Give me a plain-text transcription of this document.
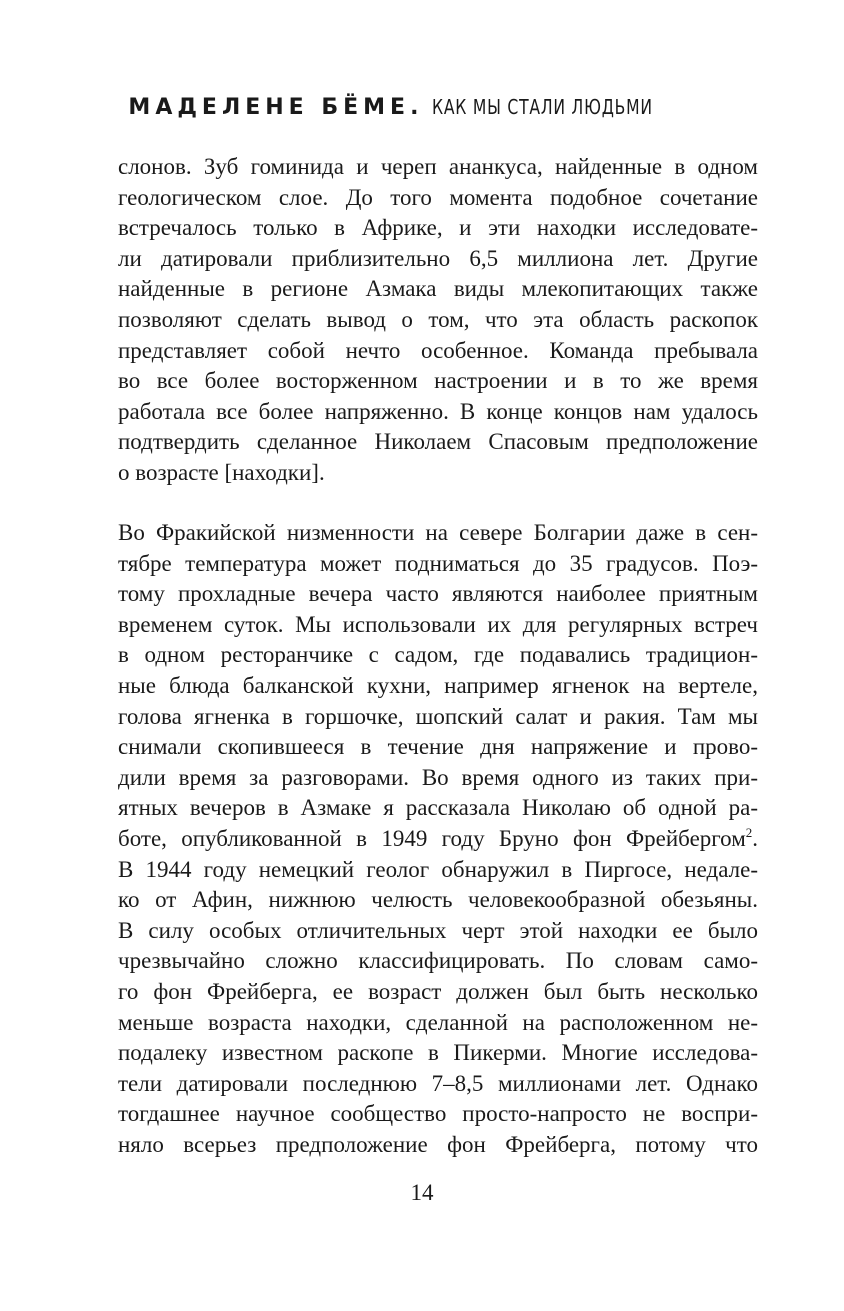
МАДЕЛЕНЕ БЁМЕ. КАК МЫ СТАЛИ ЛЮДЬМИ
слонов. Зуб гоминида и череп ананкуса, найденные в одном
геологическом слое. До того момента подобное сочетание
встречалось только в Африке, и эти находки исследовате-
ли датировали приблизительно 6,5 миллиона лет. Другие
найденные в регионе Азмака виды млекопитающих также
позволяют сделать вывод о том, что эта область раскопок
представляет собой нечто особенное. Команда пребывала
во все более восторженном настроении и в то же время
работала все более напряженно. В конце концов нам удалось
подтвердить сделанное Николаем Спасовым предположение
о возрасте [находки].
Во Фракийской низменности на севере Болгарии даже в сен-
тябре температура может подниматься до 35 градусов. Поэ-
тому прохладные вечера часто являются наиболее приятным
временем суток. Мы использовали их для регулярных встреч
в одном ресторанчике с садом, где подавались традицион-
ные блюда балканской кухни, например ягненок на вертеле,
голова ягненка в горшочке, шопский салат и ракия. Там мы
снимали скопившееся в течение дня напряжение и прово-
дили время за разговорами. Во время одного из таких при-
ятных вечеров в Азмаке я рассказала Николаю об одной ра-
боте, опубликованной в 1949 году Бруно фон Фрейбергом$^2$.
В 1944 году немецкий геолог обнаружил в Пиргосе, недале-
ко от Афин, нижнюю челюсть человекообразной обезьяны.
В силу особых отличительных черт этой находки ее было
чрезвычайно сложно классифицировать. По словам само-
го фон Фрейберга, ее возраст должен был быть несколько
меньше возраста находки, сделанной на расположенном не-
подалеку известном раскопе в Пикерми. Многие исследова-
тели датировали последнюю 7–8,5 миллионами лет. Однако
тогдашнее научное сообщество просто-напросто не воспри-
няло всерьез предположение фон Фрейберга, потому что
14
